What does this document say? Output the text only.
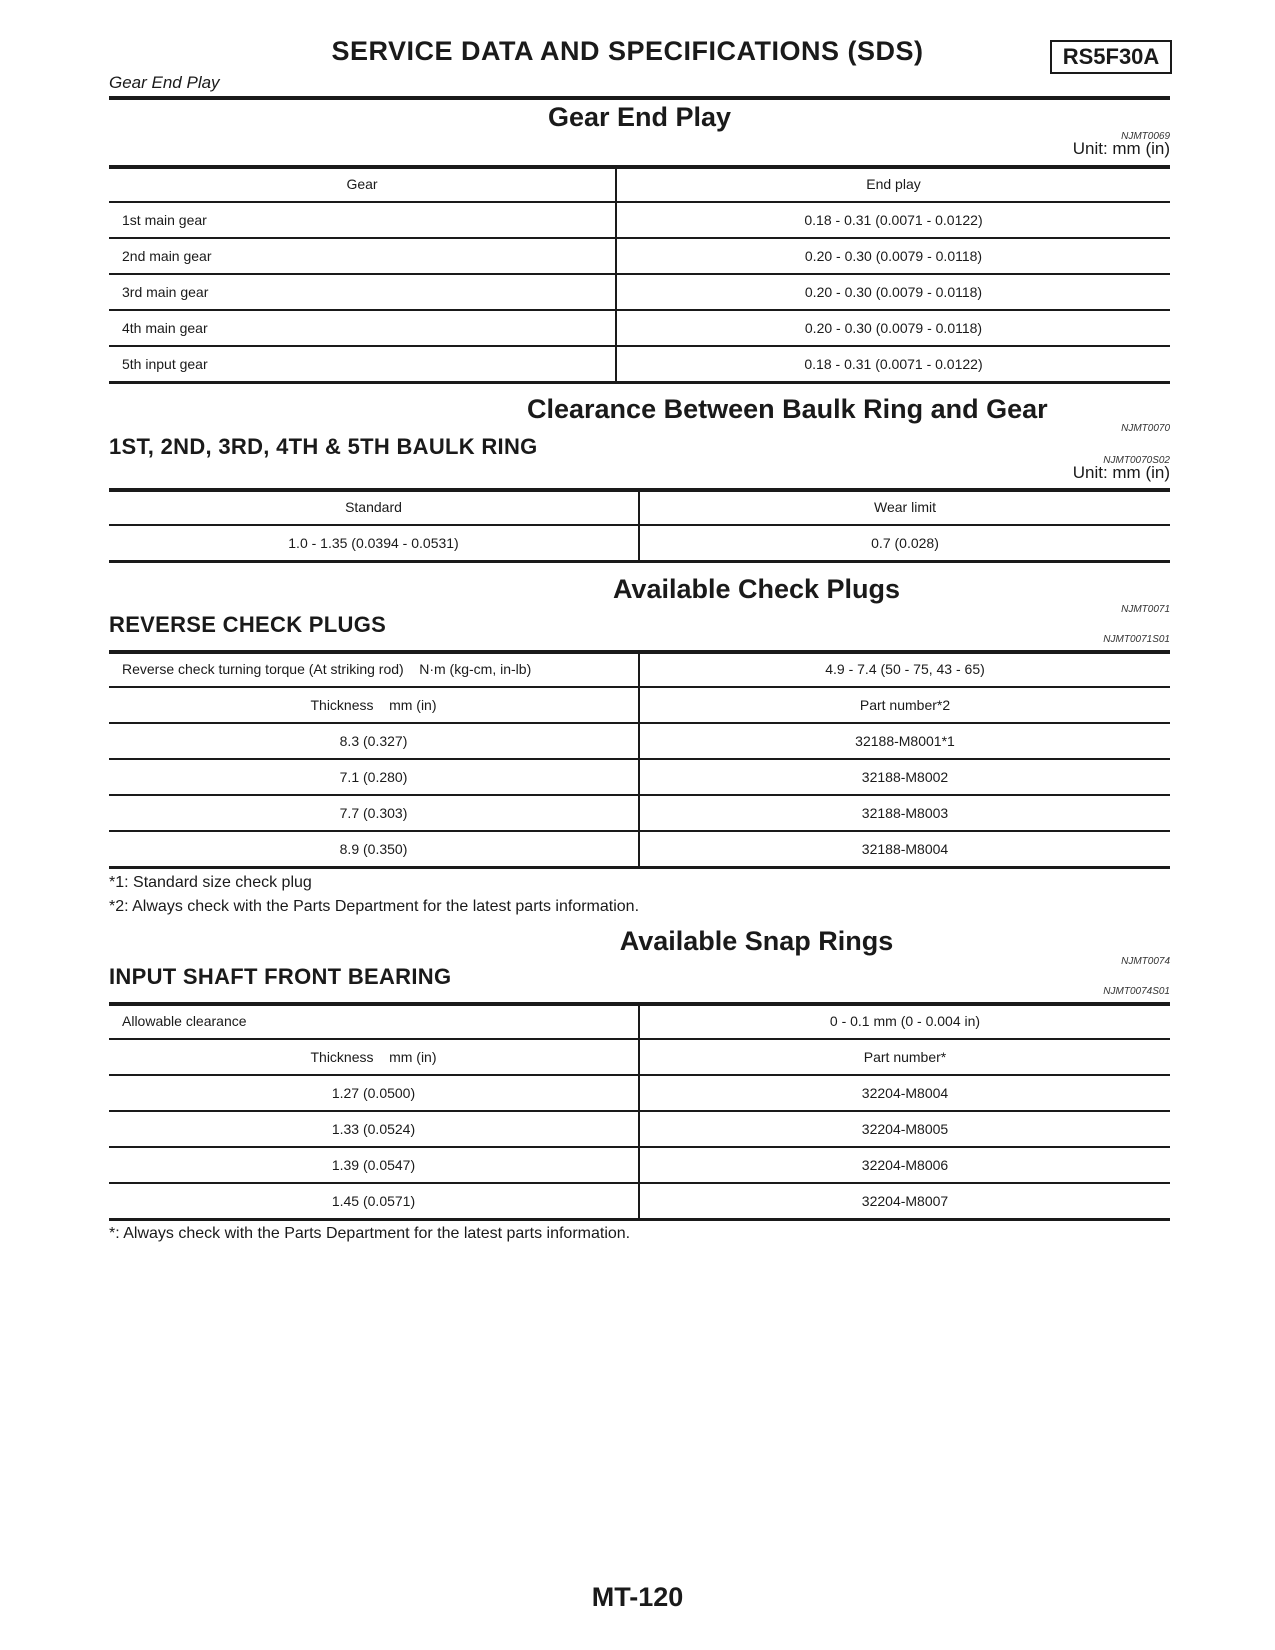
SERVICE DATA AND SPECIFICATIONS (SDS)	RS5F30A
Gear End Play
Gear End Play
NJMT0069
Unit: mm (in)
Gear	End play
1st main gear	0.18 - 0.31 (0.0071 - 0.0122)
2nd main gear	0.20 - 0.30 (0.0079 - 0.0118)
3rd main gear	0.20 - 0.30 (0.0079 - 0.0118)
4th main gear	0.20 - 0.30 (0.0079 - 0.0118)
5th input gear	0.18 - 0.31 (0.0071 - 0.0122)
Clearance Between Baulk Ring and Gear
NJMT0070
1ST, 2ND, 3RD, 4TH & 5TH BAULK RING
NJMT0070S02
Unit: mm (in)
Standard	Wear limit
1.0 - 1.35 (0.0394 - 0.0531)	0.7 (0.028)
Available Check Plugs
NJMT0071
REVERSE CHECK PLUGS
NJMT0071S01
Reverse check turning torque (At striking rod)    N·m (kg-cm, in-lb)	4.9 - 7.4 (50 - 75, 43 - 65)
Thickness    mm (in)	Part number*2
8.3 (0.327)	32188-M8001*1
7.1 (0.280)	32188-M8002
7.7 (0.303)	32188-M8003
8.9 (0.350)	32188-M8004
*1: Standard size check plug
*2: Always check with the Parts Department for the latest parts information.
Available Snap Rings
NJMT0074
INPUT SHAFT FRONT BEARING
NJMT0074S01
Allowable clearance	0 - 0.1 mm (0 - 0.004 in)
Thickness    mm (in)	Part number*
1.27 (0.0500)	32204-M8004
1.33 (0.0524)	32204-M8005
1.39 (0.0547)	32204-M8006
1.45 (0.0571)	32204-M8007
*: Always check with the Parts Department for the latest parts information.
MT-120
